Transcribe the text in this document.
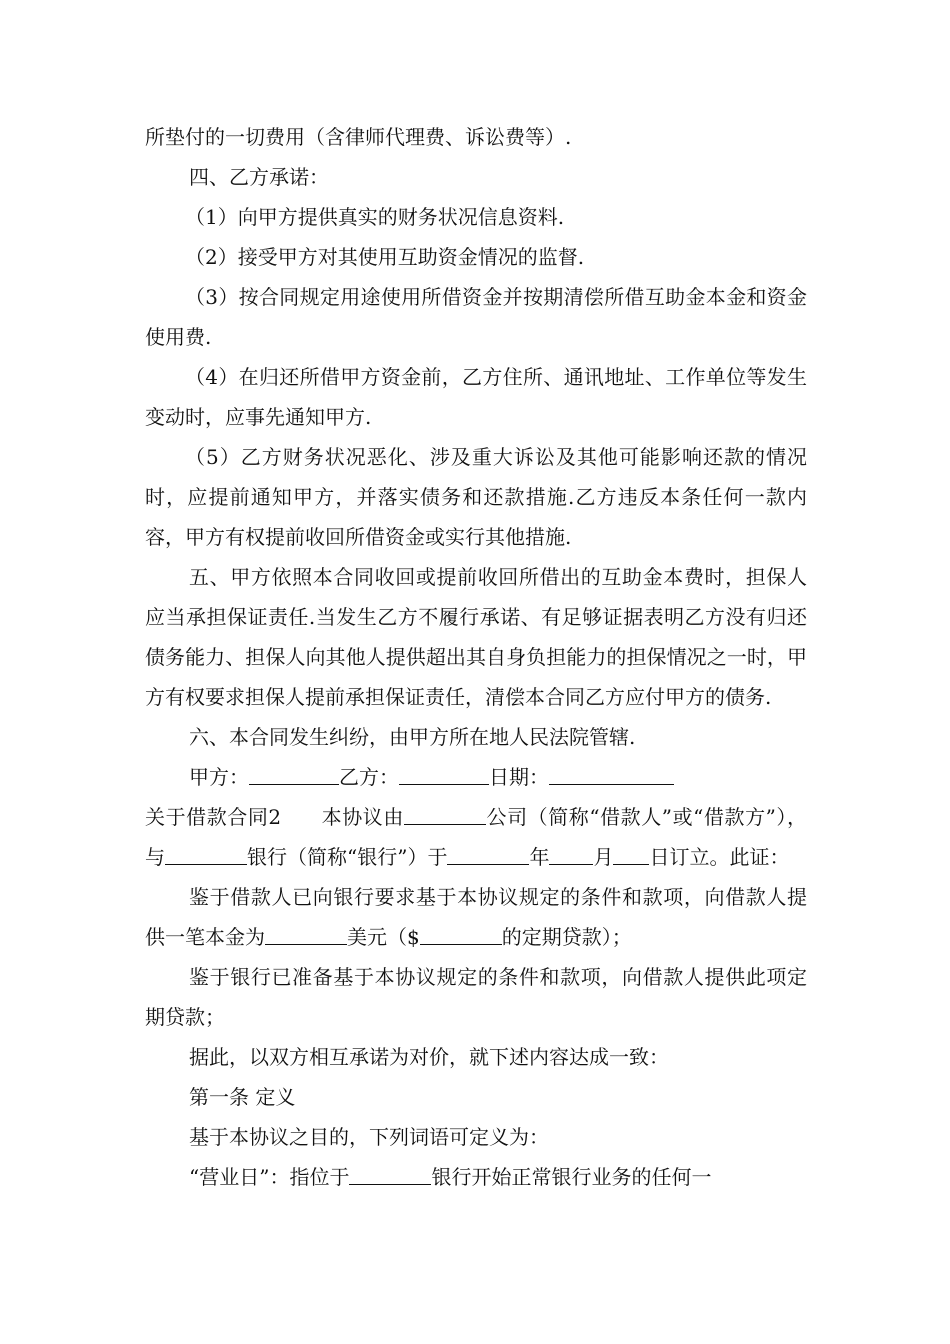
所垫付的一切费用（含律师代理费、诉讼费等）.

四、乙方承诺：

（1）向甲方提供真实的财务状况信息资料.

（2）接受甲方对其使用互助资金情况的监督.

（3）按合同规定用途使用所借资金并按期清偿所借互助金本金和资金使用费.

（4）在归还所借甲方资金前，乙方住所、通讯地址、工作单位等发生变动时，应事先通知甲方.

（5）乙方财务状况恶化、涉及重大诉讼及其他可能影响还款的情况时，应提前通知甲方，并落实债务和还款措施.乙方违反本条任何一款内容，甲方有权提前收回所借资金或实行其他措施.

五、甲方依照本合同收回或提前收回所借出的互助金本费时，担保人应当承担保证责任.当发生乙方不履行承诺、有足够证据表明乙方没有归还债务能力、担保人向其他人提供超出其自身负担能力的担保情况之一时，甲方有权要求担保人提前承担保证责任，清偿本合同乙方应付甲方的债务.

六、本合同发生纠纷，由甲方所在地人民法院管辖.

甲方：	乙方：	日期：

关于借款合同2   本协议由	公司（简称“借款人”或“借款方”），与	银行（简称“银行”）于	年 月 日订立。此证：

鉴于借款人已向银行要求基于本协议规定的条件和款项，向借款人提供一笔本金为	美元（$	的定期贷款）；

鉴于银行已准备基于本协议规定的条件和款项，向借款人提供此项定期贷款；

据此，以双方相互承诺为对价，就下述内容达成一致：

第一条 定义

基于本协议之目的，下列词语可定义为：

“营业日”：指位于	银行开始正常银行业务的任何一
